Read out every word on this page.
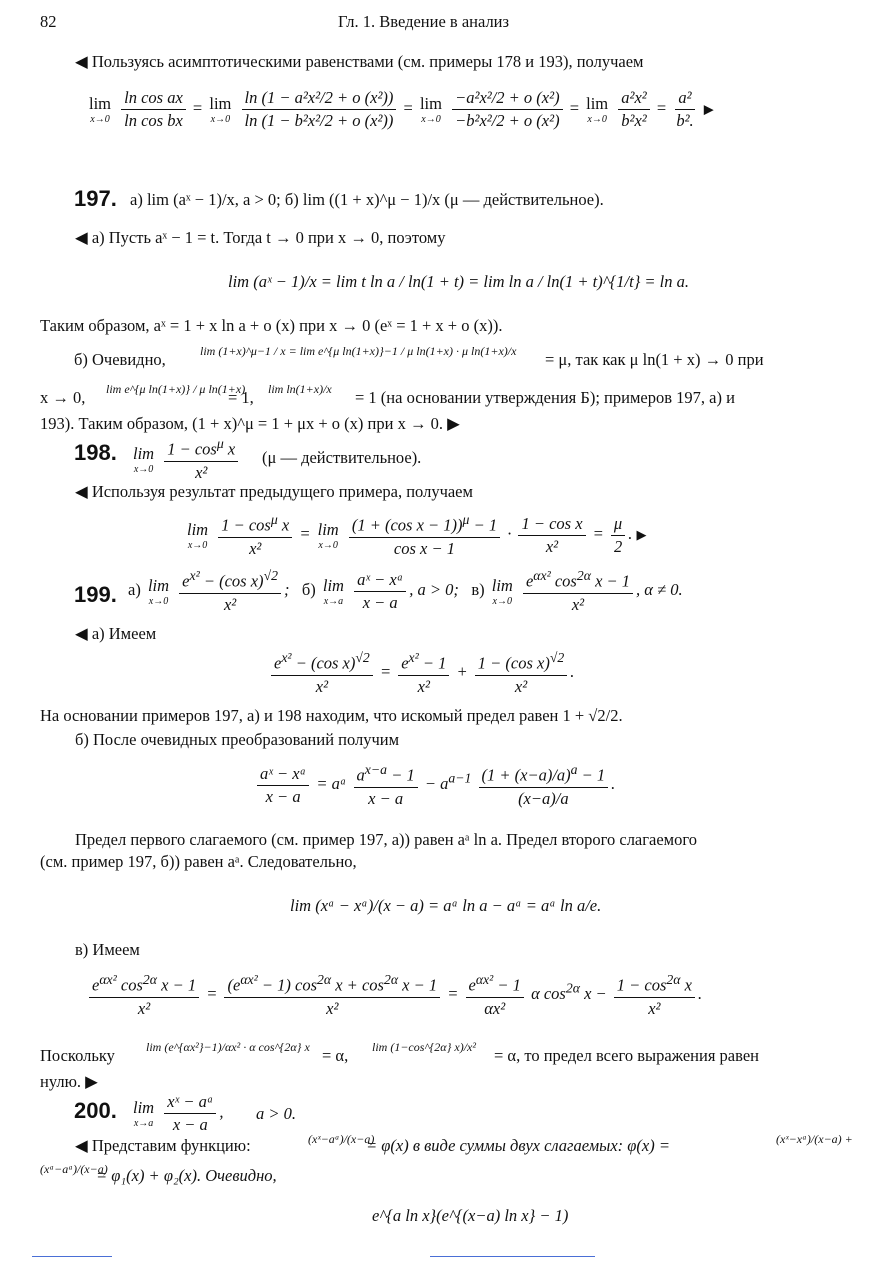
82	Гл. 1. Введение в анализ
◀ Пользуясь асимптотическими равенствами (см. примеры 178 и 193), получаем
lim
x→0
$\frac{\text{ln cos ax}}{\text{ln cos bx}} = \lim$
x→0
$\frac{\text{ln (1 − a²x²/2 + o (x²))}}{\text{ln (1 − b²x²/2 + o (x²))}} = \lim$
x→0
$\frac{\text{−a²x²/2 + o (x²)}}{\text{−b²x²/2 + o (x²)}} = \lim$
x→0
$\frac{\text{a²x²}}{\text{b²x²}} = \frac{\text{a²}}{\text{b².}}$ ▶
197. a) lim (aˣ − 1)/x, a > 0; б) lim ((1 + x)^μ − 1)/x (μ — действительное).
◀ а) Пусть aˣ − 1 = t. Тогда t → 0 при x → 0, поэтому
lim (aˣ − 1)/x = lim t ln a / ln(1 + t) = lim ln a / ln(1 + t)^{1/t} = ln a.
Таким образом, aˣ = 1 + x ln a + o (x) при x → 0 (eˣ = 1 + x + o (x)).
б) Очевидно,	lim (1+x)^μ−1 / x = lim e^{μ ln(1+x)}−1 / μ ln(1+x) · μ ln(1+x)/x = μ, так как μ ln(1 + x) → 0 при
x → 0, lim e^{μ ln(1+x)} / μ ln(1+x)
= 1, lim ln(1+x)/x = 1 (на основании утверждения Б); примеров 197, а) и
193). Таким образом, (1 + x)^μ = 1 + μx + o (x) при x → 0. ▶
198. lim
x→0
$\frac{1 - \cos^\mu x}{\text{x²}} (\mu$ — действительное).
◀ Используя результат предыдущего примера, получаем
lim
x→0
$\frac{1 - \cos^\mu x}{\text{x²}} = \lim$
x→0
$\frac{(1 + (\cos x - 1))^\mu - 1}{\text{cos x − 1}} \cdot \frac{\text{1 − cos x}}{\text{x²}} = \frac{\mu}{2}$ . ▶
199. а) lim
x→0
$\frac{e^{x^2} - (\cos x)^{√2}}{\text{x²}}$ ;   б) lim
x→a
$\frac{\text{aˣ − xᵃ}}{x - a}$ , a > 0; в) lim
x→0
$\frac{e^{\alpha x^2} \cos^{2\alpha} x - 1}{\text{x²}}$ , α ≠ 0.
◀ а) Имеем
$\frac{e^{x^2} - (\cos x)^{√2}}{\text{x²}} = \frac{e^{x^2} - 1}{\text{x²}} + \frac{1 - (\cos x)^{√2}}{\text{x²}}$ .
На основании примеров 197, а) и 198 находим, что искомый предел равен 1 + √2/2.
б) После очевидных преобразований получим
$\frac{\text{aˣ − xᵃ}}{x - a}$ = aᵃ $\frac{a^{x-a} - 1}{x - a} - a^{a-1} \frac{(1 + (x-a)/a)^a - 1}{(x-a)/a}$ .
Предел первого слагаемого (см. пример 197, а)) равен aᵃ ln a. Предел второго слагаемого
(см. пример 197, б)) равен aᵃ. Следовательно,
lim (xᵃ − xᵃ)/(x − a) = aᵃ ln a − aᵃ = aᵃ ln a/e.
в) Имеем
$\frac{e^{\alpha x^2} \cos^{2\alpha} x - 1}{\text{x²}} = \frac{(e^{\alpha x^2} - 1) \cos^{2\alpha} x + \cos^{2\alpha} x - 1}{\text{x²}} = \frac{e^{\alpha x^2} - 1}{\text{αx²}}$ α $\cos^{2\alpha} x - \frac{1 - \cos^{2\alpha} x}{\text{x²}}$ .
Поскольку	lim (e^{αx²}−1)/αx² · α cos^{2α} x = α, lim (1−cos^{2α} x)/x² = α, то предел всего выражения равен
нулю. ▶
200. lim
x→a
$\frac{\text{xˣ − aᵃ}}{x - a}$ , a > 0.
◀ Представим функцию:	(xˣ−aᵃ)/(x−a)
= φ(x) в виде суммы двух слагаемых: φ(x) =	(xˣ−xᵃ)/(x−a) +
(xᵃ−aᵃ)/(x−a)
= φ₁(x) + φ₂(x). Очевидно,
e^{a ln x}(e^{(x−a) ln x} − 1)
